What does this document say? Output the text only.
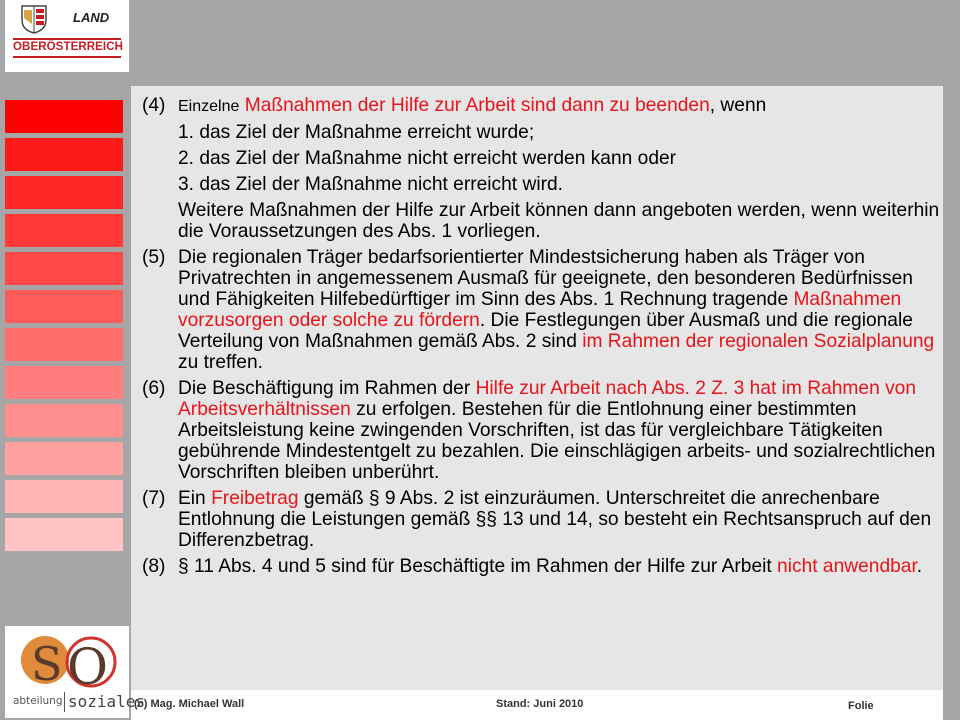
LAND
OBERÖSTERREICH
(4) Einzelne Maßnahmen der Hilfe zur Arbeit sind dann zu beenden, wenn
1. das Ziel der Maßnahme erreicht wurde;
2. das Ziel der Maßnahme nicht erreicht werden kann oder
3. das Ziel der Maßnahme nicht erreicht wird.
Weitere Maßnahmen der Hilfe zur Arbeit können dann angeboten werden, wenn weiterhin die Voraussetzungen des Abs. 1 vorliegen.
(5) Die regionalen Träger bedarfsorientierter Mindestsicherung haben als Träger von Privatrechten in angemessenem Ausmaß für geeignete, den besonderen Bedürfnissen und Fähigkeiten Hilfebedürftiger im Sinn des Abs. 1 Rechnung tragende Maßnahmen vorzusorgen oder solche zu fördern. Die Festlegungen über Ausmaß und die regionale Verteilung von Maßnahmen gemäß Abs. 2 sind im Rahmen der regionalen Sozialplanung zu treffen.
(6) Die Beschäftigung im Rahmen der Hilfe zur Arbeit nach Abs. 2 Z. 3 hat im Rahmen von Arbeitsverhältnissen zu erfolgen. Bestehen für die Entlohnung einer bestimmten Arbeitsleistung keine zwingenden Vorschriften, ist das für vergleichbare Tätigkeiten gebührende Mindestentgelt zu bezahlen. Die einschlägigen arbeits- und sozialrechtlichen Vorschriften bleiben unberührt.
(7) Ein Freibetrag gemäß § 9 Abs. 2 ist einzuräumen. Unterschreitet die anrechenbare Entlohnung die Leistungen gemäß §§ 13 und 14, so besteht ein Rechtsanspruch auf den Differenzbetrag.
(8) § 11 Abs. 4 und 5 sind für Beschäftigte im Rahmen der Hilfe zur Arbeit nicht anwendbar.
(c) Mag. Michael Wall	Stand: Juni 2010	Folie
S O
abteilung soziales
